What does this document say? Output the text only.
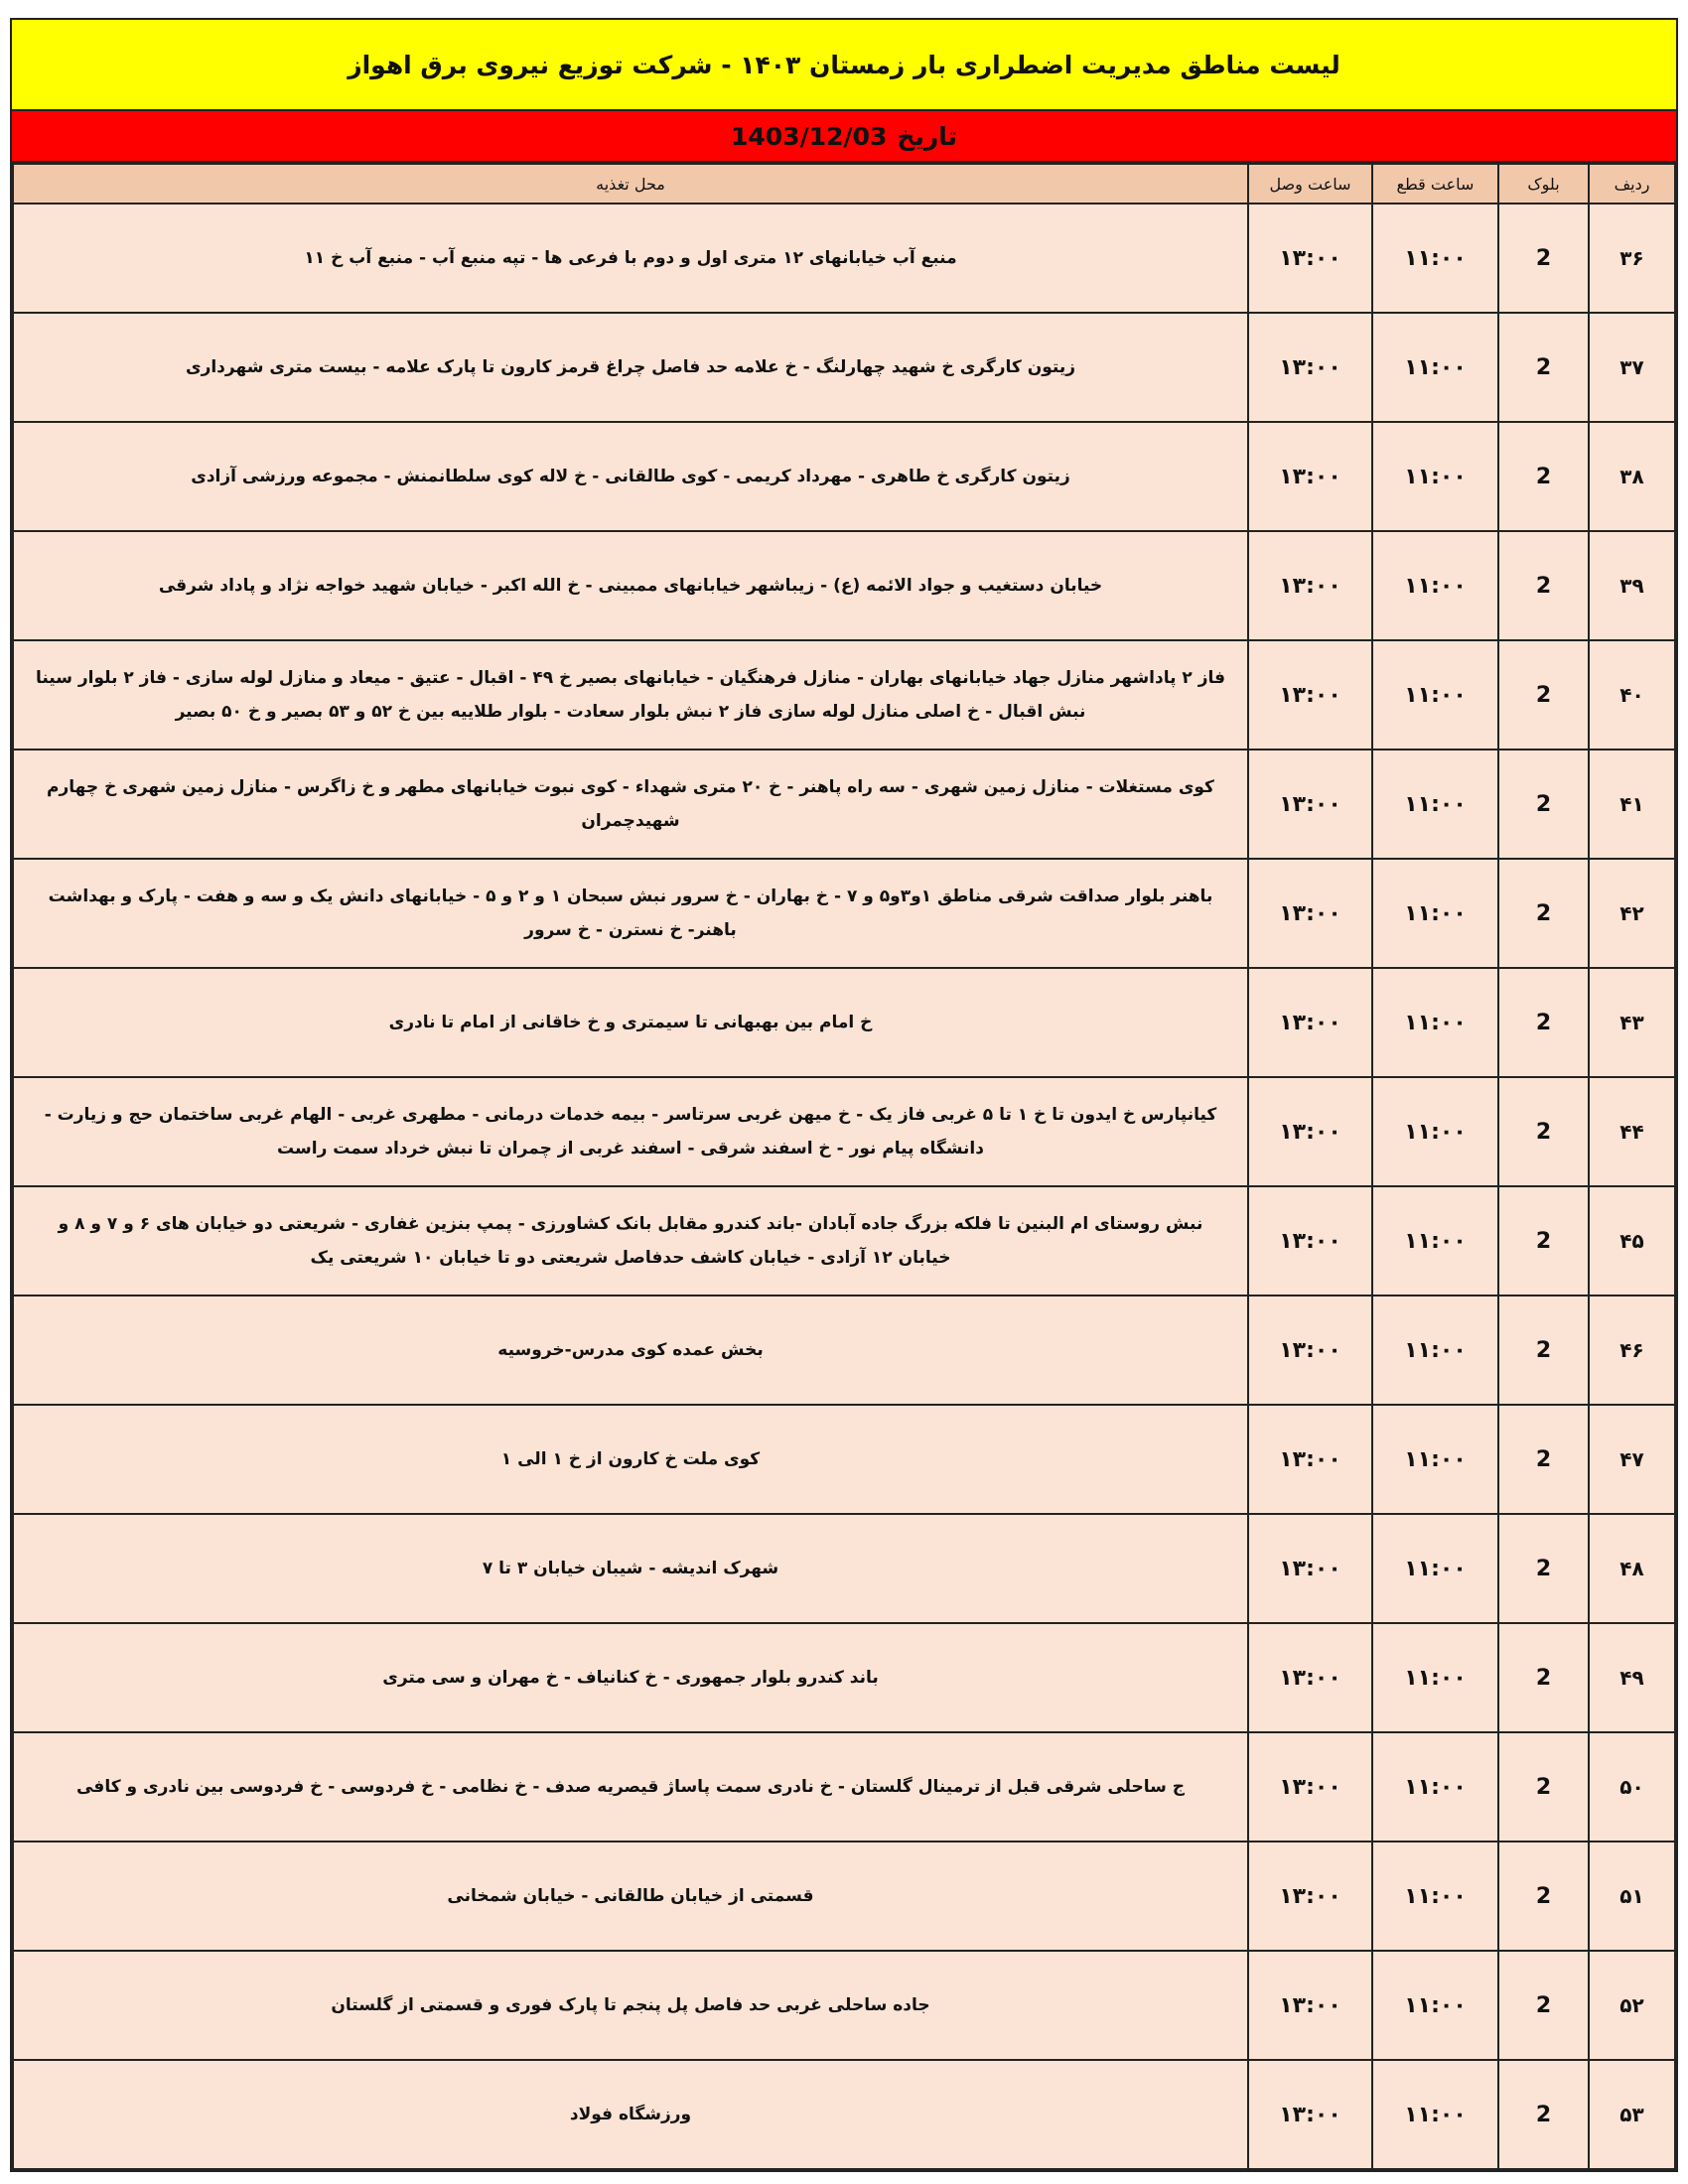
لیست مناطق مدیریت اضطراری بار زمستان ۱۴۰۳ - شرکت توزیع نیروی برق اهواز
تاریخ
1403/12/03
ردیف	بلوک	ساعت قطع	ساعت وصل	محل تغذیه
۳۶	2	۱۱:۰۰	۱۳:۰۰	منبع آب خیابانهای ۱۲ متری اول و دوم با فرعی ها - تپه منبع آب - منبع آب خ ۱۱
۳۷	2	۱۱:۰۰	۱۳:۰۰	زیتون کارگری خ شهید چهارلنگ - خ علامه حد فاصل چراغ قرمز کارون تا پارک علامه - بیست متری شهرداری
۳۸	2	۱۱:۰۰	۱۳:۰۰	زیتون کارگری خ طاهری - مهرداد کریمی - کوی طالقانی - خ لاله کوی سلطانمنش - مجموعه ورزشی آزادی
۳۹	2	۱۱:۰۰	۱۳:۰۰	خیابان دستغیب و جواد الائمه (ع) - زیباشهر خیابانهای ممبینی - خ الله اکبر - خیابان شهید خواجه نژاد و پاداد شرقی
۴۰	2	۱۱:۰۰	۱۳:۰۰	فاز ۲ پاداشهر منازل جهاد خیابانهای بهاران - منازل فرهنگیان - خیابانهای بصیر خ ۴۹ - اقبال - عتیق - میعاد و منازل لوله سازی - فاز ۲ بلوار سینا نبش اقبال - خ اصلی منازل لوله سازی فاز ۲ نبش بلوار سعادت - بلوار طلاییه بین خ ۵۲ و ۵۳ بصیر و خ ۵۰ بصیر
۴۱	2	۱۱:۰۰	۱۳:۰۰	کوی مستغلات - منازل زمین شهری - سه راه پاهنر - خ ۲۰ متری شهداء - کوی نبوت خیابانهای مطهر و خ زاگرس - منازل زمین شهری خ چهارم شهیدچمران
۴۲	2	۱۱:۰۰	۱۳:۰۰	باهنر بلوار صداقت شرقی مناطق ۱و۳و۵ و ۷ - خ بهاران - خ سرور نبش سبحان ۱ و ۲ و ۵ - خیابانهای دانش یک و سه و هفت - پارک و بهداشت باهنر- خ نسترن - خ سرور
۴۳	2	۱۱:۰۰	۱۳:۰۰	خ امام بین بهبهانی تا سیمتری و خ خاقانی از امام تا نادری
۴۴	2	۱۱:۰۰	۱۳:۰۰	کیانپارس خ ایدون تا خ ۱ تا ۵ غربی فاز یک - خ میهن غربی سرتاسر - بیمه خدمات درمانی - مطهری غربی - الهام غربی ساختمان حج و زیارت - دانشگاه پیام نور - خ اسفند شرقی - اسفند غربی از چمران تا نبش خرداد سمت راست
۴۵	2	۱۱:۰۰	۱۳:۰۰	نبش روستای ام البنین تا فلکه بزرگ جاده آبادان -باند کندرو مقابل بانک کشاورزی - پمپ بنزین غفاری - شریعتی دو خیابان های ۶ و ۷ و ۸ و خیابان ۱۲ آزادی - خیابان کاشف حدفاصل شریعتی دو تا خیابان ۱۰ شریعتی یک
۴۶	2	۱۱:۰۰	۱۳:۰۰	بخش عمده کوی مدرس-خروسیه
۴۷	2	۱۱:۰۰	۱۳:۰۰	کوی ملت خ کارون از خ ۱ الی ۱
۴۸	2	۱۱:۰۰	۱۳:۰۰	شهرک اندیشه - شیبان خیابان ۳ تا ۷
۴۹	2	۱۱:۰۰	۱۳:۰۰	باند کندرو بلوار جمهوری - خ کنانیاف - خ مهران و سی متری
۵۰	2	۱۱:۰۰	۱۳:۰۰	ج ساحلی شرقی قبل از ترمینال گلستان - خ نادری سمت پاساژ قیصریه صدف - خ نظامی - خ فردوسی - خ فردوسی بین نادری و کافی
۵۱	2	۱۱:۰۰	۱۳:۰۰	قسمتی از خیابان طالقانی - خیابان شمخانی
۵۲	2	۱۱:۰۰	۱۳:۰۰	جاده ساحلی غربی حد فاصل پل پنجم تا پارک فوری و قسمتی از گلستان
۵۳	2	۱۱:۰۰	۱۳:۰۰	ورزشگاه فولاد
